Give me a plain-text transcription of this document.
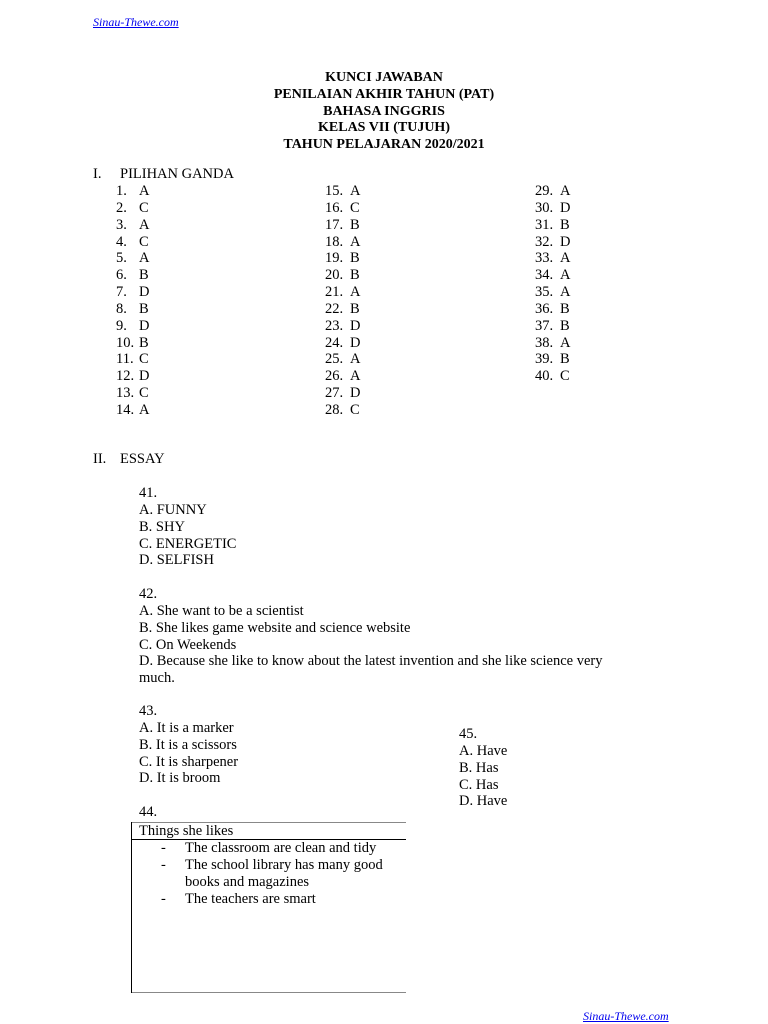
Sinau-Thewe.com
KUNCI JAWABAN
PENILAIAN AKHIR TAHUN (PAT)
BAHASA INGGRIS
KELAS VII (TUJUH)
TAHUN PELAJARAN 2020/2021
I. PILIHAN GANDA
1. A
2. C
3. A
4. C
5. A
6. B
7. D
8. B
9. D
10. B
11. C
12. D
13. C
14. A
15. A
16. C
17. B
18. A
19. B
20. B
21. A
22. B
23. D
24. D
25. A
26. A
27. D
28. C
29. A
30. D
31. B
32. D
33. A
34. A
35. A
36. B
37. B
38. A
39. B
40. C
II. ESSAY
41.
A. FUNNY
B. SHY
C. ENERGETIC
D. SELFISH
42.
A. She want to be a scientist
B. She likes game website and science website
C. On Weekends
D. Because she like to know about the latest invention and she like science very
much.
43.
A. It is a marker
B. It is a scissors
C. It is sharpener
D. It is broom
45.
A. Have
B. Has
C. Has
D. Have
44.
Things she likes
- The classroom are clean and tidy
- The school library has many good books and magazines
- The teachers are smart
Sinau-Thewe.com
